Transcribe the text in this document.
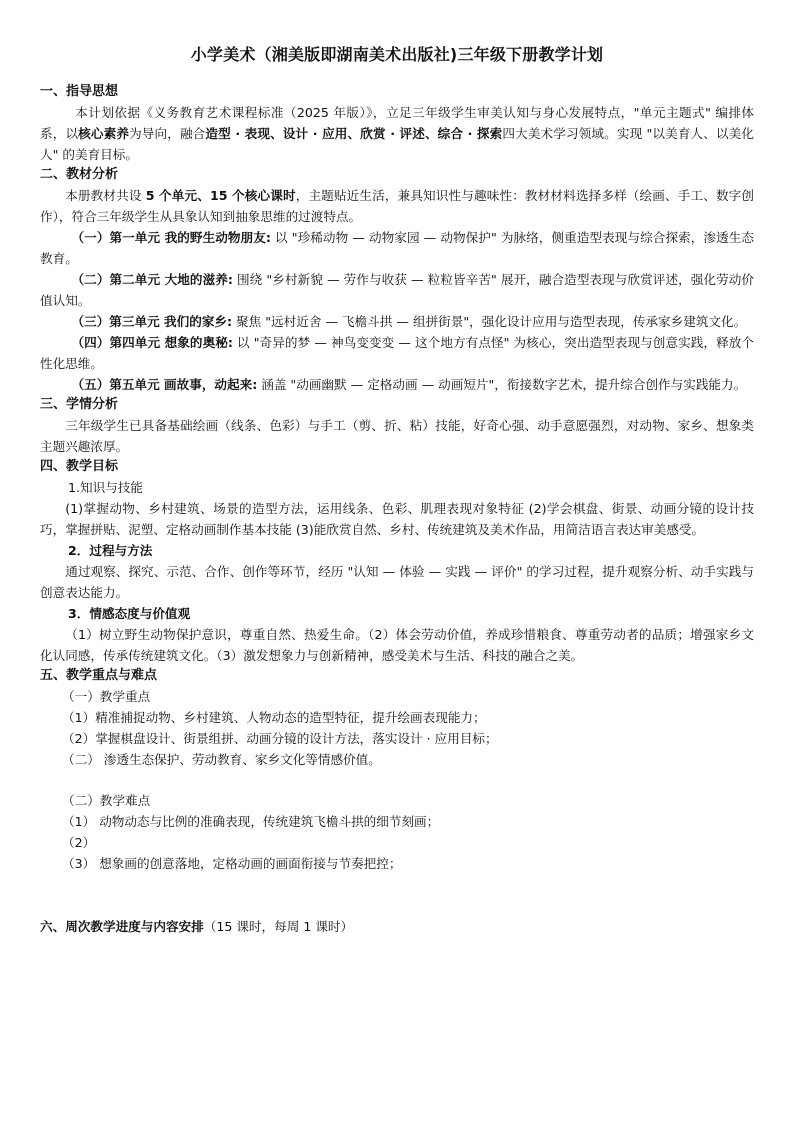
小学美术（湘美版即湖南美术出版社)三年级下册教学计划
一、指导思想

本计划依据《义务教育艺术课程标准（2025 年版）》，立足三年级学生审美认知与身心发展特点，"单元主题式" 编排体系，以核心素养为导向，融合造型 · 表现、设计 · 应用、欣赏 · 评述、综合 · 探索四大美术学习领域。实现 "以美育人、以美化人" 的美育目标。

二、教材分析

本册教材共设 5 个单元、15 个核心课时，主题贴近生活，兼具知识性与趣味性：教材材料选择多样（绘画、手工、数字创作），符合三年级学生从具象认知到抽象思维的过渡特点。

（一）第一单元 我的野生动物朋友: 以 "珍稀动物 — 动物家园 — 动物保护" 为脉络，侧重造型表现与综合探索，渗透生态教育。

（二）第二单元 大地的滋养: 围绕 "乡村新貌 — 劳作与收获 — 粒粒皆辛苦" 展开，融合造型表现与欣赏评述，强化劳动价值认知。

（三）第三单元 我们的家乡: 聚焦 "远村近舍 — 飞檐斗拱 — 组拼街景"，强化设计应用与造型表现，传承家乡建筑文化。

（四）第四单元 想象的奥秘: 以 "奇异的梦 — 神鸟变变变 — 这个地方有点怪" 为核心，突出造型表现与创意实践，释放个性化思维。

（五）第五单元 画故事，动起来: 涵盖 "动画幽默 — 定格动画 — 动画短片"，衔接数字艺术，提升综合创作与实践能力。

三、学情分析

三年级学生已具备基础绘画（线条、色彩）与手工（剪、折、粘）技能，好奇心强、动手意愿强烈，对动物、家乡、想象类主题兴趣浓厚。

四、教学目标
1.知识与技能

(1)掌握动物、乡村建筑、场景的造型方法，运用线条、色彩、肌理表现对象特征 (2)学会棋盘、街景、动画分镜的设计技巧，掌握拼贴、泥塑、定格动画制作基本技能 (3)能欣赏自然、乡村、传统建筑及美术作品，用简洁语言表达审美感受。

2．过程与方法

通过观察、探究、示范、合作、创作等环节，经历 "认知 — 体验 — 实践 — 评价" 的学习过程，提升观察分析、动手实践与创意表达能力。

3．情感态度与价值观

（1）树立野生动物保护意识，尊重自然、热爱生命。（2）体会劳动价值，养成珍惜粮食、尊重劳动者的品质；增强家乡文化认同感，传承传统建筑文化。（3）激发想象力与创新精神，感受美术与生活、科技的融合之美。

五、教学重点与难点
（一）教学重点
（1）精准捕捉动物、乡村建筑、人物动态的造型特征，提升绘画表现能力；
（2）掌握棋盘设计、街景组拼、动画分镜的设计方法，落实设计 · 应用目标；
（二） 渗透生态保护、劳动教育、家乡文化等情感价值。
（二）教学难点
（1） 动物动态与比例的准确表现，传统建筑飞檐斗拱的细节刻画；
（2）
（3） 想象画的创意落地，定格动画的画面衔接与节奏把控；
六、周次教学进度与内容安排（15 课时，每周 1 课时）
